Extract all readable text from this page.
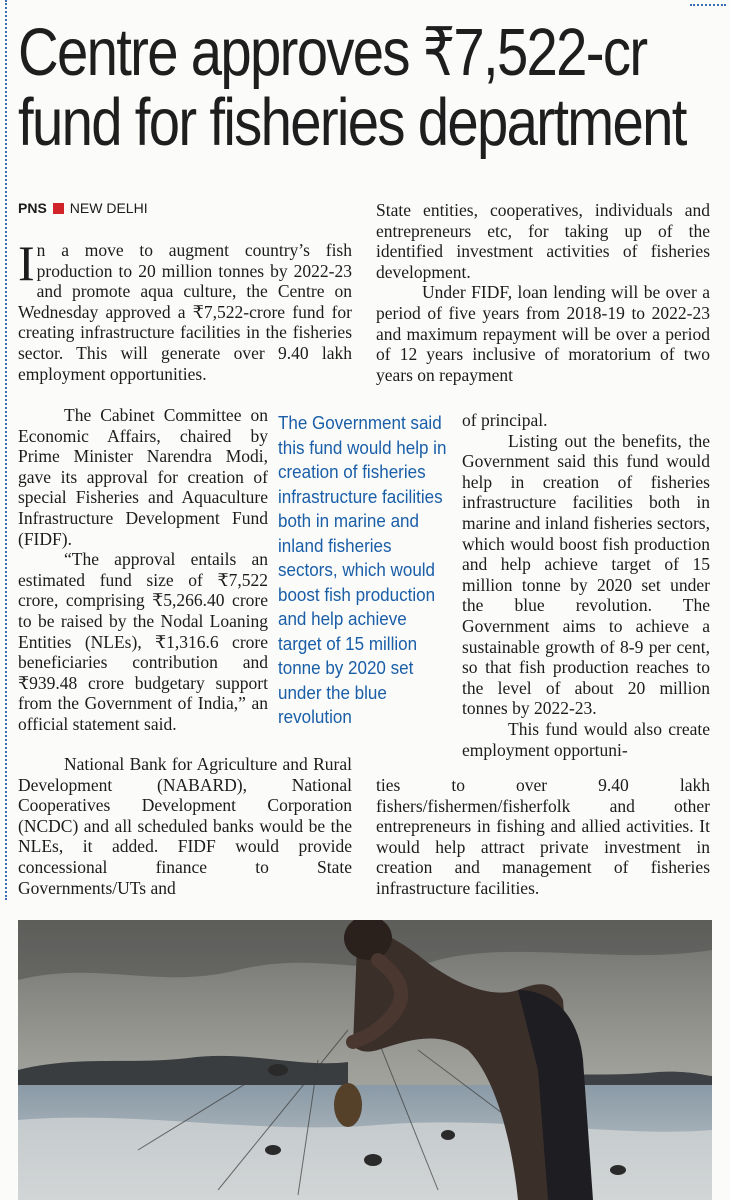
Centre approves ₹7,522-cr
fund for fisheries department
PNS NEW DELHI

In a move to augment country’s fish production to 20 million tonnes by 2022-23 and promote aqua culture, the Centre on Wednesday approved a ₹7,522-crore fund for creating infrastructure facilities in the fisheries sector. This will generate over 9.40 lakh employment opportunities.

The Cabinet Committee on Economic Affairs, chaired by Prime Minister Narendra Modi, gave its approval for creation of special Fisheries and Aquaculture Infrastructure Development Fund (FIDF).

“The approval entails an estimated fund size of ₹7,522 crore, comprising ₹5,266.40 crore to be raised by the Nodal Loaning Entities (NLEs), ₹1,316.6 crore beneficiaries contribution and ₹939.48 crore budgetary support from the Government of India,” an official statement said.

National Bank for Agriculture and Rural Development (NABARD), National Cooperatives Development Corporation (NCDC) and all scheduled banks would be the NLEs, it added. FIDF would provide concessional finance to State Governments/UTs and

State entities, cooperatives, individuals and entrepreneurs etc, for taking up of the identified investment activities of fisheries development.

Under FIDF, loan lending will be over a period of five years from 2018-19 to 2022-23 and maximum repayment will be over a period of 12 years inclusive of moratorium of two years on repayment

of principal.

Listing out the benefits, the Government said this fund would help in creation of fisheries infrastructure facilities both in marine and inland fisheries sectors, which would boost fish production and help achieve target of 15 million tonne by 2020 set under the blue revolution. The Government aims to achieve a sustainable growth of 8-9 per cent, so that fish production reaches to the level of about 20 million tonnes by 2022-23.

This fund would also create employment opportuni-

ties to over 9.40 lakh fishers/fishermen/fisherfolk and other entrepreneurs in fishing and allied activities. It would help attract private investment in creation and management of fisheries infrastructure facilities.

The Government said this fund would help in creation of fisheries infrastructure facilities both in marine and inland fisheries sectors, which would boost fish production and help achieve target of 15 million tonne by 2020 set under the blue revolution
